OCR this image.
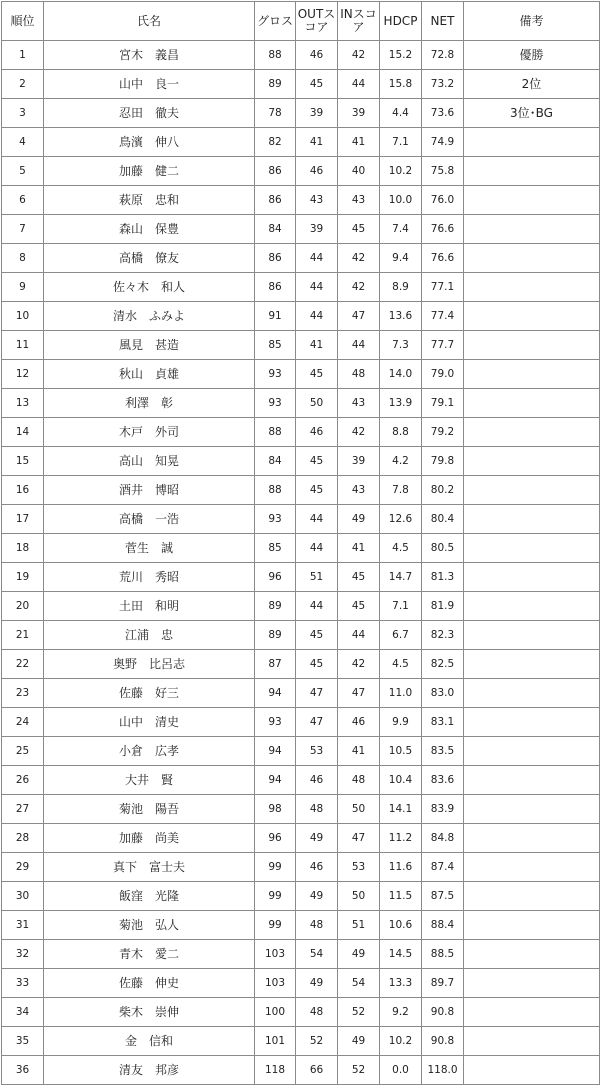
順位	氏名	グロス	OUTスコア	INスコア	HDCP	NET	備考
1	宮木　義昌	88	46	42	15.2	72.8	優勝
2	山中　良一	89	45	44	15.8	73.2	2位
3	忍田　徹夫	78	39	39	4.4	73.6	3位･BG
4	鳥濱　伸八	82	41	41	7.1	74.9	
5	加藤　健二	86	46	40	10.2	75.8	
6	萩原　忠和	86	43	43	10.0	76.0	
7	森山　保豊	84	39	45	7.4	76.6	
8	高橋　僚友	86	44	42	9.4	76.6	
9	佐々木　和人	86	44	42	8.9	77.1	
10	清水　ふみよ	91	44	47	13.6	77.4	
11	風見　甚造	85	41	44	7.3	77.7	
12	秋山　貞雄	93	45	48	14.0	79.0	
13	利澤　彰	93	50	43	13.9	79.1	
14	木戸　外司	88	46	42	8.8	79.2	
15	高山　知晃	84	45	39	4.2	79.8	
16	酒井　博昭	88	45	43	7.8	80.2	
17	高橋　一浩	93	44	49	12.6	80.4	
18	菅生　誠	85	44	41	4.5	80.5	
19	荒川　秀昭	96	51	45	14.7	81.3	
20	土田　和明	89	44	45	7.1	81.9	
21	江浦　忠	89	45	44	6.7	82.3	
22	奥野　比呂志	87	45	42	4.5	82.5	
23	佐藤　好三	94	47	47	11.0	83.0	
24	山中　清史	93	47	46	9.9	83.1	
25	小倉　広孝	94	53	41	10.5	83.5	
26	大井　賢	94	46	48	10.4	83.6	
27	菊池　陽吾	98	48	50	14.1	83.9	
28	加藤　尚美	96	49	47	11.2	84.8	
29	真下　富士夫	99	46	53	11.6	87.4	
30	飯窪　光隆	99	49	50	11.5	87.5	
31	菊池　弘人	99	48	51	10.6	88.4	
32	青木　愛二	103	54	49	14.5	88.5	
33	佐藤　伸史	103	49	54	13.3	89.7	
34	柴木　崇伸	100	48	52	9.2	90.8	
35	金　信和	101	52	49	10.2	90.8	
36	清友　邦彦	118	66	52	0.0	118.0	
